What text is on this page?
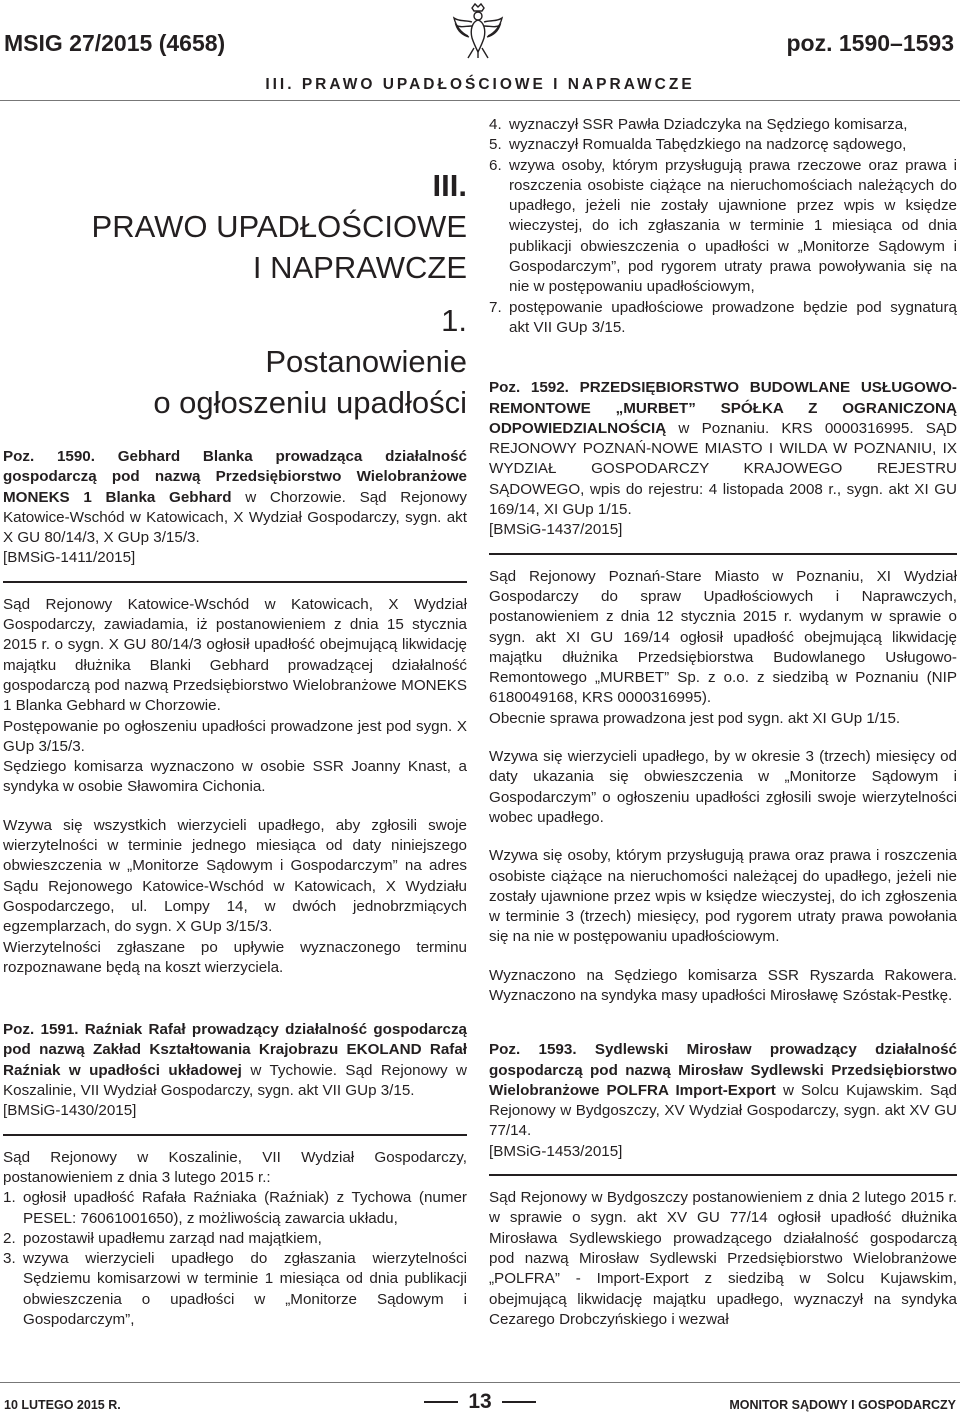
MSIG 27/2015 (4658)	poz. 1590–1593
III. PRAWO UPADŁOŚCIOWE I NAPRAWCZE
III.
PRAWO UPADŁOŚCIOWE
I NAPRAWCZE
1.
Postanowienie
o ogłoszeniu upadłości

Poz. 1590. Gebhard Blanka prowadząca działalność gospodarczą pod nazwą Przedsiębiorstwo Wielobranżowe MONEKS 1 Blanka Gebhard w Chorzowie. Sąd Rejonowy Katowice-Wschód w Katowicach, X Wydział Gospodarczy, sygn. akt X GU 80/14/3, X GUp 3/15/3.

[BMSiG-1411/2015]

Sąd Rejonowy Katowice-Wschód w Katowicach, X Wydział Gospodarczy, zawiadamia, iż postanowieniem z dnia 15 stycznia 2015 r. o sygn. X GU 80/14/3 ogłosił upadłość obejmującą likwidację majątku dłużnika Blanki Gebhard prowadzącej działalność gospodarczą pod nazwą Przedsiębiorstwo Wielobranżowe MONEKS 1 Blanka Gebhard w Chorzowie.

Postępowanie po ogłoszeniu upadłości prowadzone jest pod sygn. X GUp 3/15/3.

Sędziego komisarza wyznaczono w osobie SSR Joanny Knast, a syndyka w osobie Sławomira Cichonia.

Wzywa się wszystkich wierzycieli upadłego, aby zgłosili swoje wierzytelności w terminie jednego miesiąca od daty niniejszego obwieszczenia w „Monitorze Sądowym i Gospodarczym” na adres Sądu Rejonowego Katowice-Wschód w Katowicach, X Wydziału Gospodarczego, ul. Lompy 14, w dwóch jednobrzmiących egzemplarzach, do sygn. X GUp 3/15/3.

Wierzytelności zgłaszane po upływie wyznaczonego terminu rozpoznawane będą na koszt wierzyciela.

Poz. 1591. Raźniak Rafał prowadzący działalność gospodarczą pod nazwą Zakład Kształtowania Krajobrazu EKOLAND Rafał Raźniak w upadłości układowej w Tychowie. Sąd Rejonowy w Koszalinie, VII Wydział Gospodarczy, sygn. akt VII GUp 3/15.

[BMSiG-1430/2015]

Sąd Rejonowy w Koszalinie, VII Wydział Gospodarczy, postanowieniem z dnia 3 lutego 2015 r.:

1. ogłosił upadłość Rafała Raźniaka (Raźniak) z Tychowa (numer PESEL: 76061001650), z możliwością zawarcia układu,
2. pozostawił upadłemu zarząd nad majątkiem,
3. wzywa wierzycieli upadłego do zgłaszania wierzytelności Sędziemu komisarzowi w terminie 1 miesiąca od dnia publikacji obwieszczenia o upadłości w „Monitorze Sądowym i Gospodarczym”,
4. wyznaczył SSR Pawła Dziadczyka na Sędziego komisarza,
5. wyznaczył Romualda Tabędzkiego na nadzorcę sądowego,
6. wzywa osoby, którym przysługują prawa rzeczowe oraz prawa i roszczenia osobiste ciążące na nieruchomościach należących do upadłego, jeżeli nie zostały ujawnione przez wpis w księdze wieczystej, do ich zgłaszania w terminie 1 miesiąca od dnia publikacji obwieszczenia o upadłości w „Monitorze Sądowym i Gospodarczym”, pod rygorem utraty prawa powoływania się na nie w postępowaniu upadłościowym,
7. postępowanie upadłościowe prowadzone będzie pod sygnaturą akt VII GUp 3/15.

Poz. 1592. PRZEDSIĘBIORSTWO BUDOWLANE USŁUGOWO-REMONTOWE „MURBET” SPÓŁKA Z OGRANICZONĄ ODPOWIEDZIALNOŚCIĄ w Poznaniu. KRS 0000316995. SĄD REJONOWY POZNAŃ-NOWE MIASTO I WILDA W POZNANIU, IX WYDZIAŁ GOSPODARCZY KRAJOWEGO REJESTRU SĄDOWEGO, wpis do rejestru: 4 listopada 2008 r., sygn. akt XI GU 169/14, XI GUp 1/15.

[BMSiG-1437/2015]

Sąd Rejonowy Poznań-Stare Miasto w Poznaniu, XI Wydział Gospodarczy do spraw Upadłościowych i Naprawczych, postanowieniem z dnia 12 stycznia 2015 r. wydanym w sprawie o sygn. akt XI GU 169/14 ogłosił upadłość obejmującą likwidację majątku dłużnika Przedsiębiorstwa Budowlanego Usługowo-Remontowego „MURBET” Sp. z o.o. z siedzibą w Poznaniu (NIP 6180049168, KRS 0000316995).

Obecnie sprawa prowadzona jest pod sygn. akt XI GUp 1/15.

Wzywa się wierzycieli upadłego, by w okresie 3 (trzech) miesięcy od daty ukazania się obwieszczenia w „Monitorze Sądowym i Gospodarczym” o ogłoszeniu upadłości zgłosili swoje wierzytelności wobec upadłego.

Wzywa się osoby, którym przysługują prawa oraz prawa i roszczenia osobiste ciążące na nieruchomości należącej do upadłego, jeżeli nie zostały ujawnione przez wpis w księdze wieczystej, do ich zgłoszenia w terminie 3 (trzech) miesięcy, pod rygorem utraty prawa powołania się na nie w postępowaniu upadłościowym.

Wyznaczono na Sędziego komisarza SSR Ryszarda Rakowera. Wyznaczono na syndyka masy upadłości Mirosławę Szóstak-Pestkę.

Poz. 1593. Sydlewski Mirosław prowadzący działalność gospodarczą pod nazwą Mirosław Sydlewski Przedsiębiorstwo Wielobranżowe POLFRA Import-Export w Solcu Kujawskim. Sąd Rejonowy w Bydgoszczy, XV Wydział Gospodarczy, sygn. akt XV GU 77/14.

[BMSiG-1453/2015]

Sąd Rejonowy w Bydgoszczy postanowieniem z dnia 2 lutego 2015 r. w sprawie o sygn. akt XV GU 77/14 ogłosił upadłość dłużnika Mirosława Sydlewskiego prowadzącego działalność gospodarczą pod nazwą Mirosław Sydlewski Przedsiębiorstwo Wielobranżowe „POLFRA” - Import-Export z siedzibą w Solcu Kujawskim, obejmującą likwidację majątku upadłego, wyznaczył na syndyka Cezarego Drobczyńskiego i wezwał

10 LUTEGO 2015 R.	13	MONITOR SĄDOWY I GOSPODARCZY
